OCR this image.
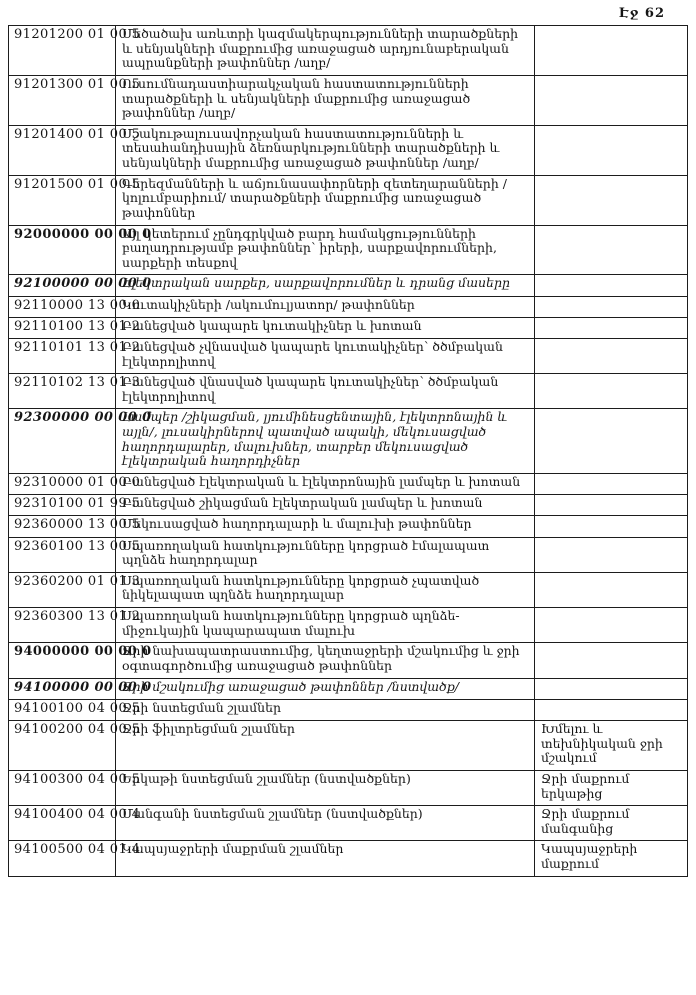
Էջ 62
91201200 01 00 5	Մեծածախ առևտրի կազմակերպությունների տարածքների և սենյակների մաքրումից առաջացած արդյունաբերական ապրանքների թափոններ /աղբ/	
91201300 01 00 5	Ուսումնադաստիարակչական հաստատությունների տարածքների և սենյակների մաքրումից առաջացած թափոններ /աղբ/	
91201400 01 00 5	Մշակութալուսավորչական հաստատությունների և տեսահանդիսային ձեռնարկությունների տարածքների և սենյակների մաքրումից առաջացած թափոններ /աղբ/	
91201500 01 00 5	Գերեզմանների և աճյունասափորների զետեղարանների /կոլումբարիում/ տարածքների մաքրումից առաջացած թափոններ	
92000000 00 00 0	Այլ կետերում չընդգրկված բարդ համակցությունների բաղադրությամբ թափոններ՝ իրերի, սարքավորումների, սարքերի տեսքով	
92100000 00 00 0	Էլեկտրական սարքեր, սարքավորումներ և դրանց մասերը	
92110000 13 00 0	Կուտակիչների /ակումուլյատոր/ թափոններ	
92110100 13 01 2	Բանեցված կապարե կուտակիչներ և խոտան	
92110101 13 01 2	Բանեցված չվնասված կապարե կուտակիչներ՝ ծծմբական էլեկտրոլիտով	
92110102 13 01 3	Բանեցված վնասված կապարե կուտակիչներ՝ ծծմբական էլեկտրոլիտով	
92300000 00 00 0	Լամպեր /շիկացման, լյումինեսցենտային, էլեկտրոնային և այլն/, լուսակիրներով պատված ապակի, մեկուսացված հաղորդալարեր, մալուխներ, տարբեր մեկուսացված էլեկտրական հաղորդիչներ	
92310000 01 00 0	Բանեցված էլեկտրական և էլեկտրոնային լամպեր և խոտան	
92310100 01 99 5	Բանեցված շիկացման էլեկտրական լամպեր և խոտան	
92360000 13 00 5	Մեկուսացված հաղորդալարի և մալուխի թափոններ	
92360100 13 00 5	Սպառողական հատկությունները կորցրած էմալապատ պղնձե հաղորդալար	
92360200 01 01 3	Սպառողական հատկությունները կորցրած չպատված նիկելապատ պղնձե հաղորդալար	
92360300 13 01 2	Սպառողական հատկությունները կորցրած պղնձե-միջուկային կապարապատ մալուխ	
94000000 00 00 0	Ջրի նախապատրաստումից, կեղտաջրերի մշակումից և ջրի օգտագործումից առաջացած թափոններ	
94100000 00 00 0	Ջրի մշակումից առաջացած թափոններ /նստվածք/	
94100100 04 00 5	Ջրի նստեցման շլամներ	
94100200 04 00 5	Ջրի ֆիլտրեցման շլամներ	Խմելու և տեխնիկական ջրի մշակում
94100300 04 00 5	Երկաթի նստեցման շլամներ (նստվածքներ)	Ջրի մաքրում երկաթից
94100400 04 00 4	Մանգանի նստեցման շլամներ (նստվածքներ)	Ջրի մաքրում մանգանից
94100500 04 01 4	Կապսյաջրերի մաքրման շլամներ	Կապսյաջրերի մաքրում
